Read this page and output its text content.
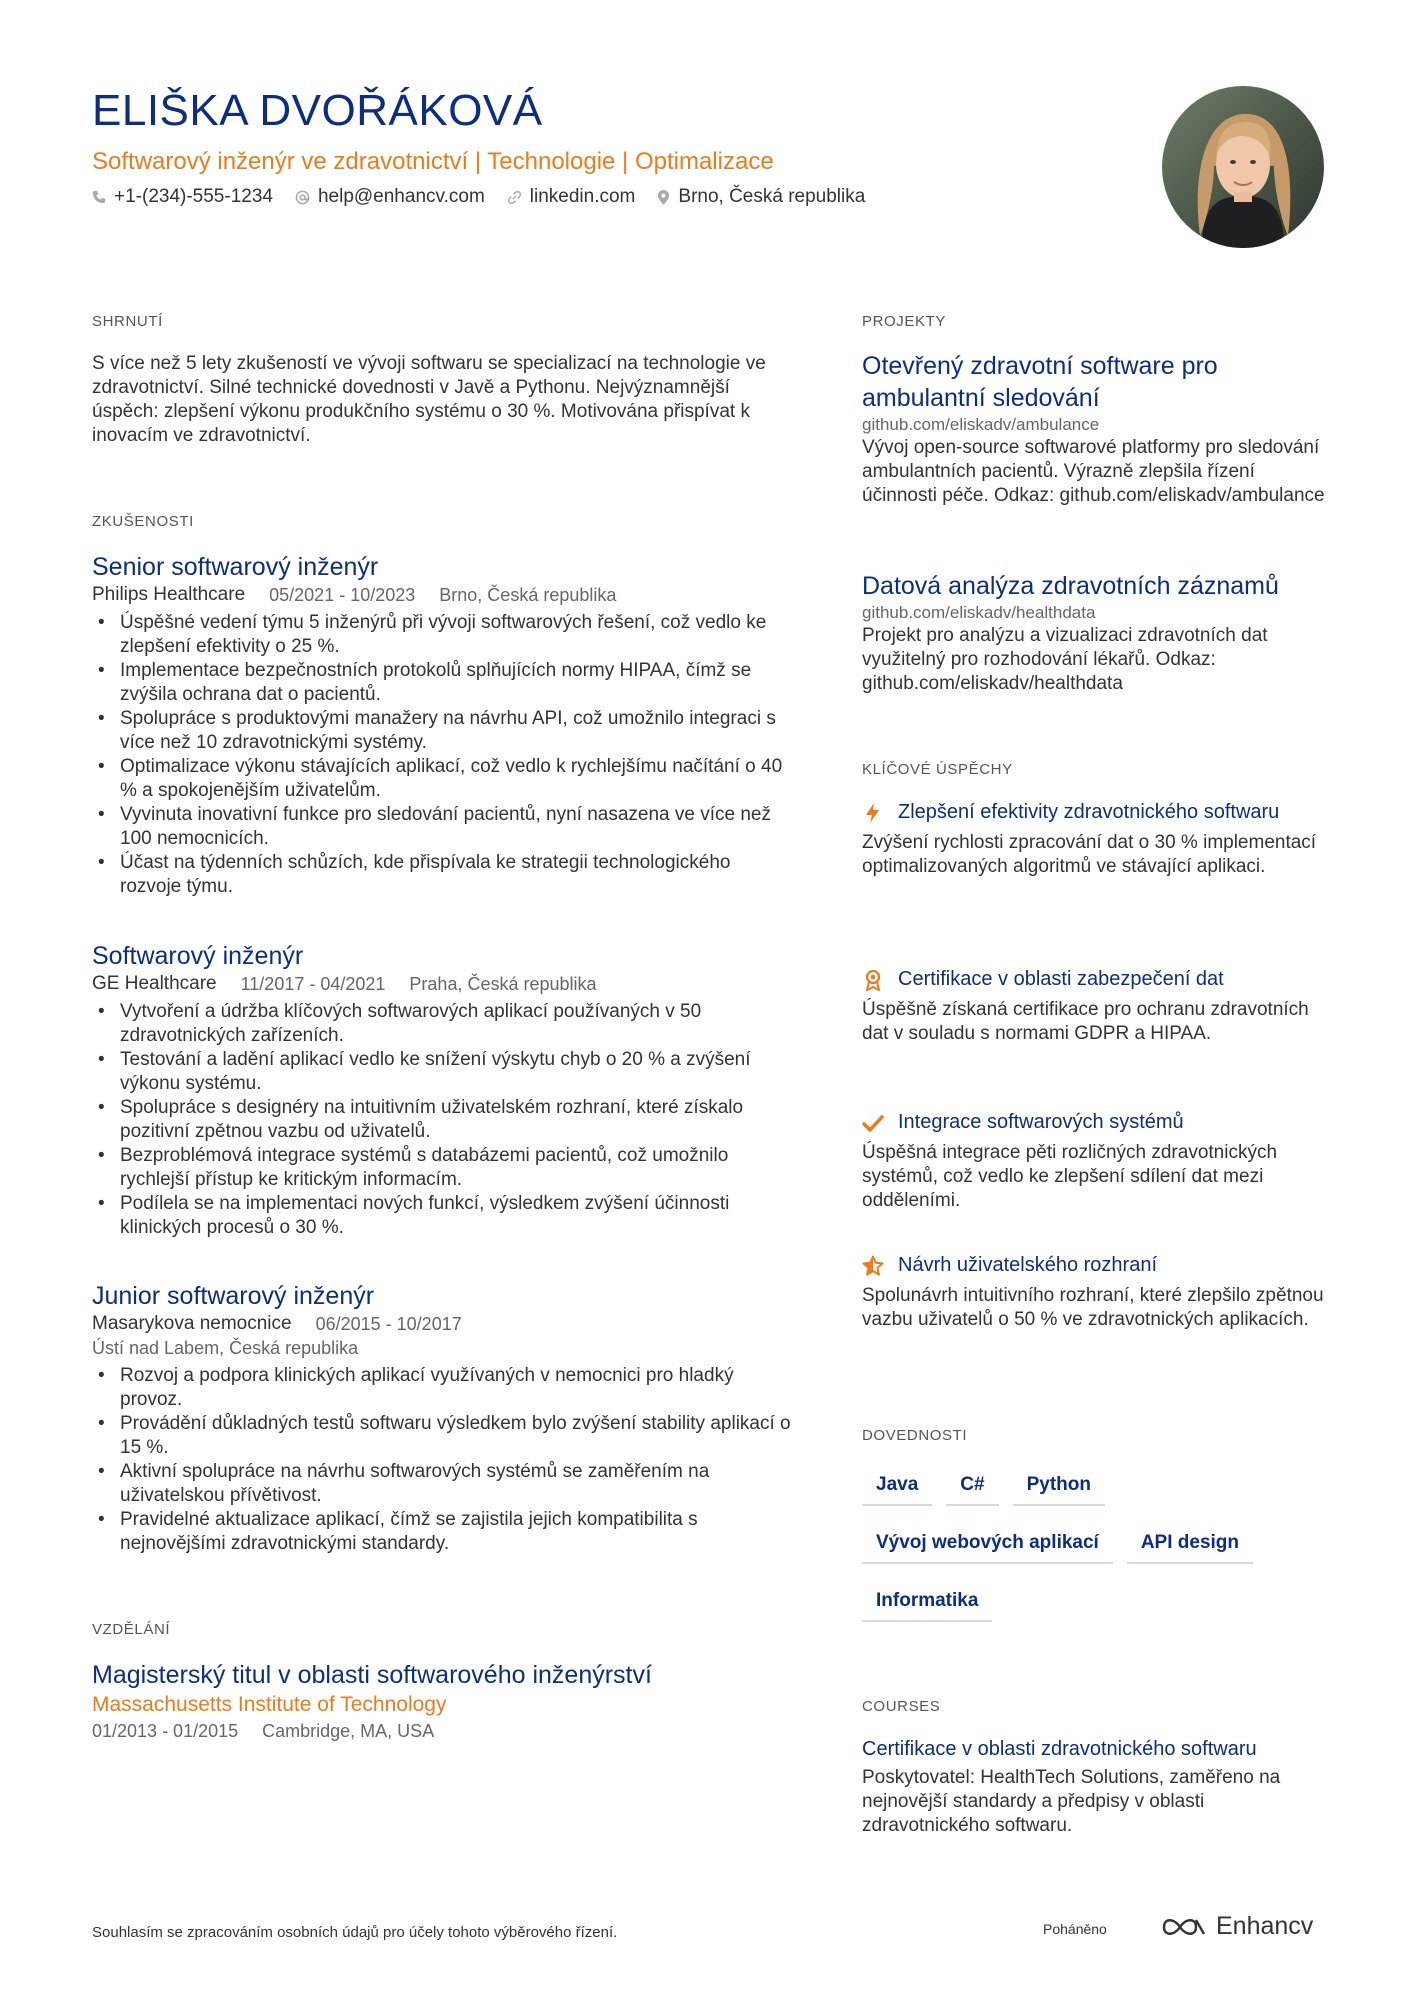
ELIŠKA DVOŘÁKOVÁ
Softwarový inženýr ve zdravotnictví | Technologie | Optimalizace
+1-(234)-555-1234 help@enhancv.com linkedin.com Brno, Česká republika
SHRNUTÍ
S více než 5 lety zkušeností ve vývoji softwaru se specializací na technologie ve zdravotnictví. Silné technické dovednosti v Javě a Pythonu. Nejvýznamnější úspěch: zlepšení výkonu produkčního systému o 30 %. Motivována přispívat k inovacím ve zdravotnictví.
ZKUŠENOSTI
Senior softwarový inženýr
Philips Healthcare 05/2021 - 10/2023 Brno, Česká republika
• Úspěšné vedení týmu 5 inženýrů při vývoji softwarových řešení, což vedlo ke zlepšení efektivity o 25 %.
• Implementace bezpečnostních protokolů splňujících normy HIPAA, čímž se zvýšila ochrana dat o pacientů.
• Spolupráce s produktovými manažery na návrhu API, což umožnilo integraci s více než 10 zdravotnickými systémy.
• Optimalizace výkonu stávajících aplikací, což vedlo k rychlejšímu načítání o 40 % a spokojenějším uživatelům.
• Vyvinuta inovativní funkce pro sledování pacientů, nyní nasazena ve více než 100 nemocnicích.
• Účast na týdenních schůzích, kde přispívala ke strategii technologického rozvoje týmu.
Softwarový inženýr
GE Healthcare 11/2017 - 04/2021 Praha, Česká republika
• Vytvoření a údržba klíčových softwarových aplikací používaných v 50 zdravotnických zařízeních.
• Testování a ladění aplikací vedlo ke snížení výskytu chyb o 20 % a zvýšení výkonu systému.
• Spolupráce s designéry na intuitivním uživatelském rozhraní, které získalo pozitivní zpětnou vazbu od uživatelů.
• Bezproblémová integrace systémů s databázemi pacientů, což umožnilo rychlejší přístup ke kritickým informacím.
• Podílela se na implementaci nových funkcí, výsledkem zvýšení účinnosti klinických procesů o 30 %.
Junior softwarový inženýr
Masarykova nemocnice 06/2015 - 10/2017
Ústí nad Labem, Česká republika
• Rozvoj a podpora klinických aplikací využívaných v nemocnici pro hladký provoz.
• Provádění důkladných testů softwaru výsledkem bylo zvýšení stability aplikací o 15 %.
• Aktivní spolupráce na návrhu softwarových systémů se zaměřením na uživatelskou přívětivost.
• Pravidelné aktualizace aplikací, čímž se zajistila jejich kompatibilita s nejnovějšími zdravotnickými standardy.
VZDĚLÁNÍ
Magisterský titul v oblasti softwarového inženýrství
Massachusetts Institute of Technology
01/2013 - 01/2015 Cambridge, MA, USA
PROJEKTY
Otevřený zdravotní software pro ambulantní sledování
github.com/eliskadv/ambulance
Vývoj open-source softwarové platformy pro sledování ambulantních pacientů. Výrazně zlepšila řízení účinnosti péče. Odkaz: github.com/eliskadv/ambulance
Datová analýza zdravotních záznamů
github.com/eliskadv/healthdata
Projekt pro analýzu a vizualizaci zdravotních dat využitelný pro rozhodování lékařů. Odkaz: github.com/eliskadv/healthdata
KLÍČOVÉ ÚSPĚCHY
Zlepšení efektivity zdravotnického softwaru
Zvýšení rychlosti zpracování dat o 30 % implementací optimalizovaných algoritmů ve stávající aplikaci.
Certifikace v oblasti zabezpečení dat
Úspěšně získaná certifikace pro ochranu zdravotních dat v souladu s normami GDPR a HIPAA.
Integrace softwarových systémů
Úspěšná integrace pěti rozličných zdravotnických systémů, což vedlo ke zlepšení sdílení dat mezi odděleními.
Návrh uživatelského rozhraní
Spolunávrh intuitivního rozhraní, které zlepšilo zpětnou vazbu uživatelů o 50 % ve zdravotnických aplikacích.
DOVEDNOSTI
Java	C#	Python
Vývoj webových aplikací	API design
Informatika
COURSES
Certifikace v oblasti zdravotnického softwaru
Poskytovatel: HealthTech Solutions, zaměřeno na nejnovější standardy a předpisy v oblasti zdravotnického softwaru.
Souhlasím se zpracováním osobních údajů pro účely tohoto výběrového řízení.	Poháněno	Enhancv
